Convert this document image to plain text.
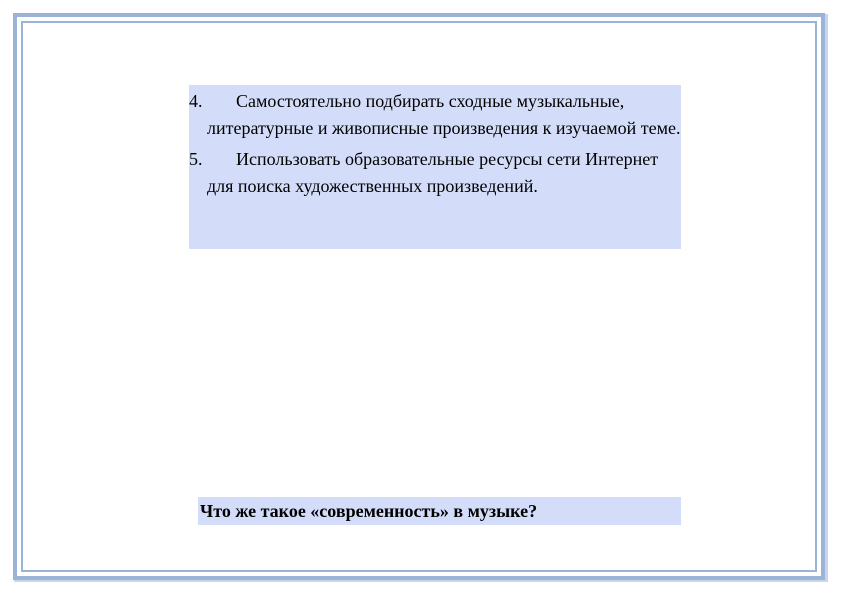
4.	Самостоятельно подбирать сходные музыкальные, литературные и живописные произведения к изучаемой теме.
5.	Использовать образовательные ресурсы сети Интернет для поиска художественных произведений.
Что же такое «современность» в музыке?
